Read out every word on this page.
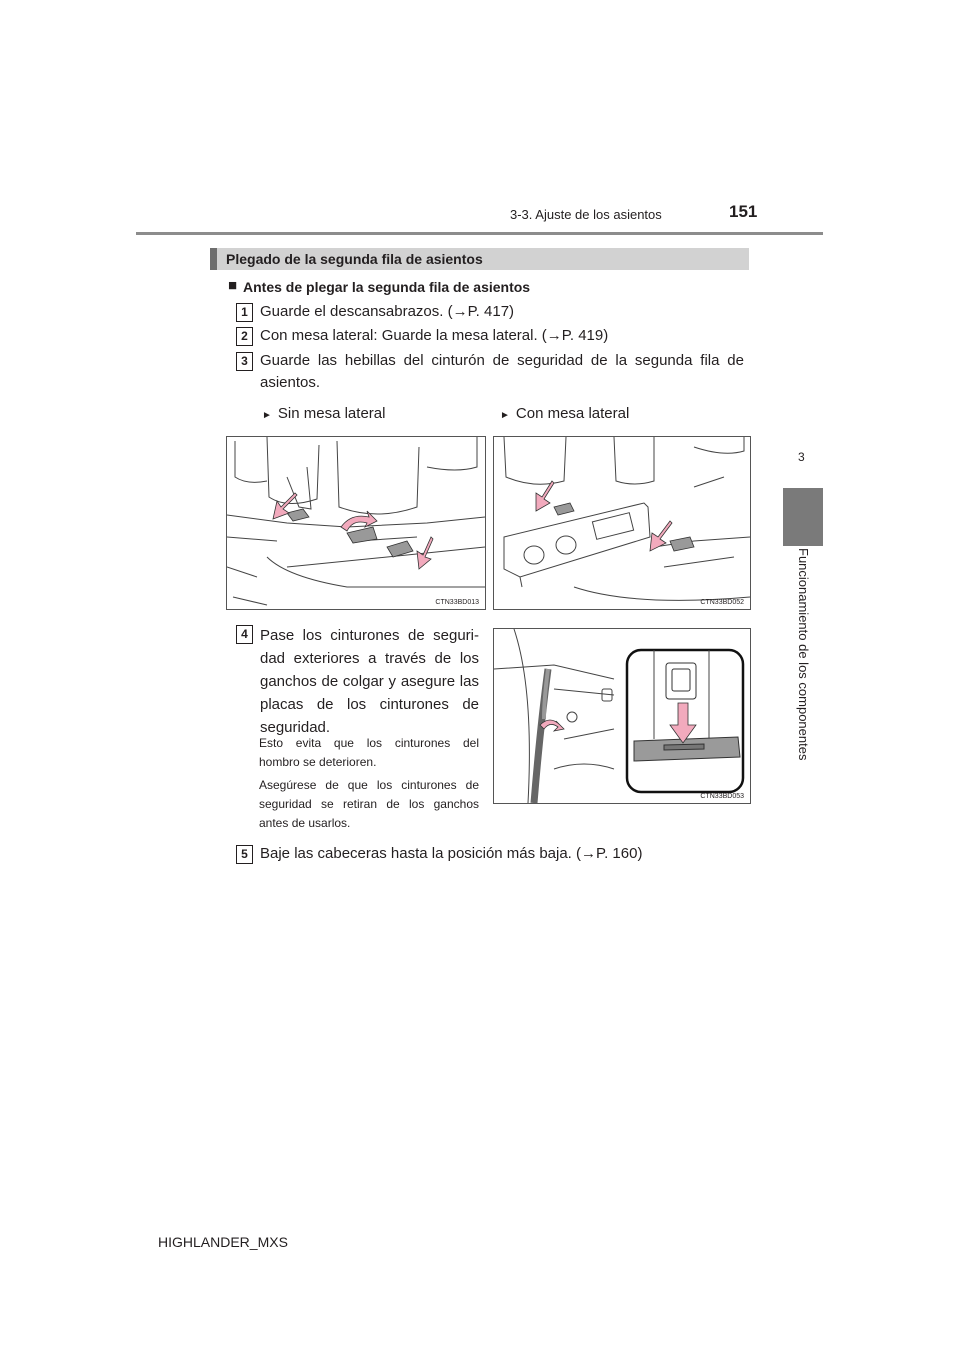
3-3. Ajuste de los asientos	151
3
Funcionamiento de los componentes
Plegado de la segunda fila de asientos
■ Antes de plegar la segunda fila de asientos
1 Guarde el descansabrazos. (→P. 417)
2 Con mesa lateral: Guarde la mesa lateral. (→P. 419)
3 Guarde las hebillas del cinturón de seguridad de la segunda fila de
asientos.
► Sin mesa lateral	► Con mesa lateral
CTN33BD013	CTN33BD052
4 Pase los cinturones de seguri-
dad exteriores a través de los
ganchos de colgar y asegure las
placas de los cinturones de
seguridad.
Esto evita que los cinturones del
hombro se deterioren.
Asegúrese de que los cinturones de
seguridad se retiran de los ganchos
antes de usarlos.
CTN33BD053
5 Baje las cabeceras hasta la posición más baja. (→P. 160)
HIGHLANDER_MXS
